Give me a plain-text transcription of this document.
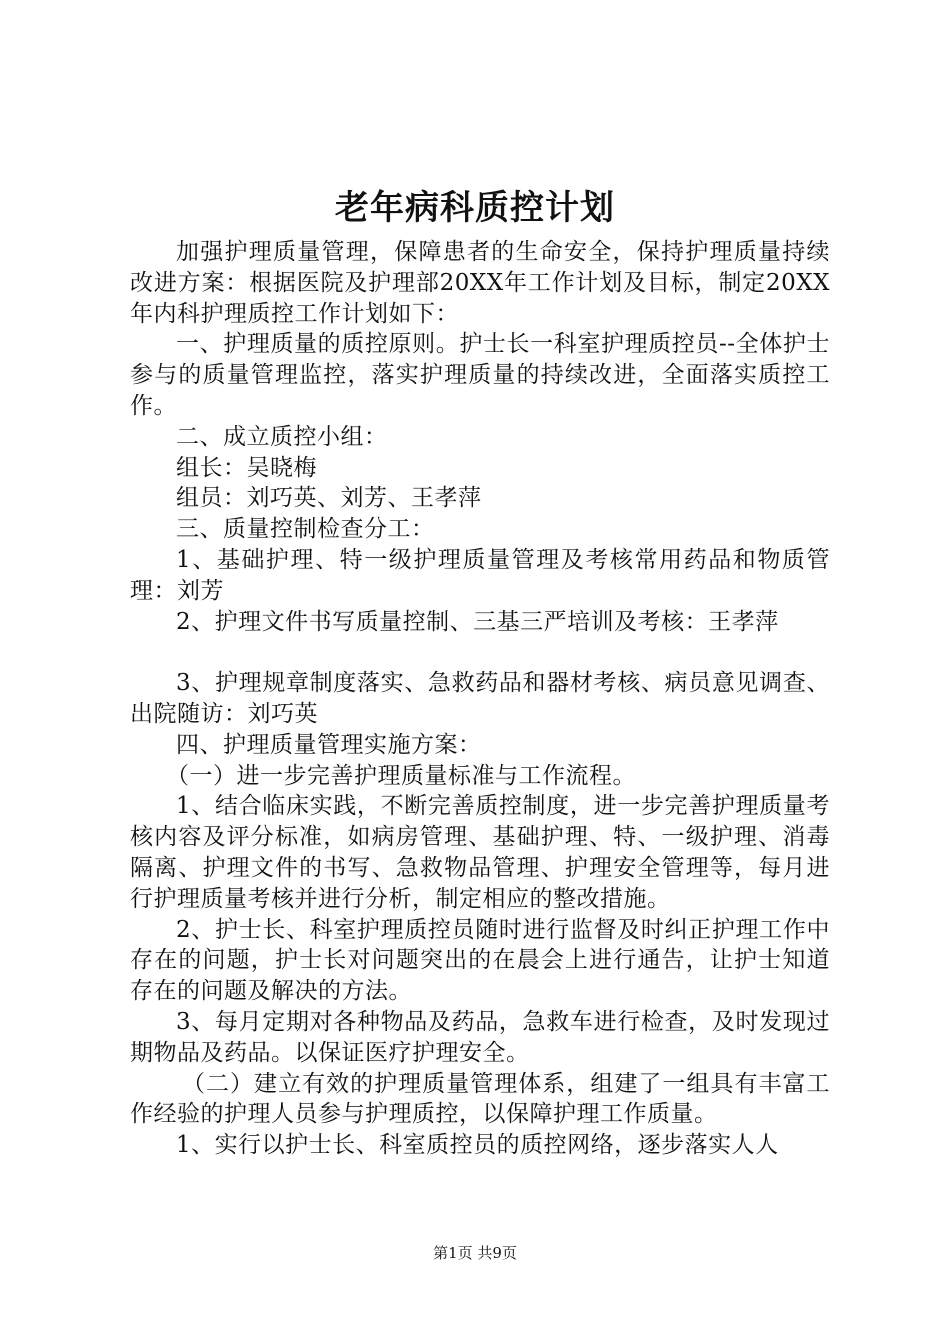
老年病科质控计划

加强护理质量管理，保障患者的生命安全，保持护理质量持续改进方案：根据医院及护理部20XX年工作计划及目标，制定20XX年内科护理质控工作计划如下：

一、护理质量的质控原则。护士长一科室护理质控员--全体护士参与的质量管理监控，落实护理质量的持续改进，全面落实质控工作。

二、成立质控小组：

组长：吴晓梅

组员：刘巧英、刘芳、王孝萍

三、质量控制检查分工：

1、基础护理、特一级护理质量管理及考核常用药品和物质管理：刘芳

2、护理文件书写质量控制、三基三严培训及考核：王孝萍

3、护理规章制度落实、急救药品和器材考核、病员意见调查、出院随访：刘巧英

四、护理质量管理实施方案：

（一）进一步完善护理质量标准与工作流程。

1、结合临床实践，不断完善质控制度，进一步完善护理质量考核内容及评分标准，如病房管理、基础护理、特、一级护理、消毒隔离、护理文件的书写、急救物品管理、护理安全管理等，每月进行护理质量考核并进行分析，制定相应的整改措施。

2、护士长、科室护理质控员随时进行监督及时纠正护理工作中存在的问题，护士长对问题突出的在晨会上进行通告，让护士知道存在的问题及解决的方法。

3、每月定期对各种物品及药品，急救车进行检查，及时发现过期物品及药品。以保证医疗护理安全。

（二）建立有效的护理质量管理体系，组建了一组具有丰富工作经验的护理人员参与护理质控，以保障护理工作质量。

1、实行以护士长、科室质控员的质控网络，逐步落实人人

第1页 共9页
